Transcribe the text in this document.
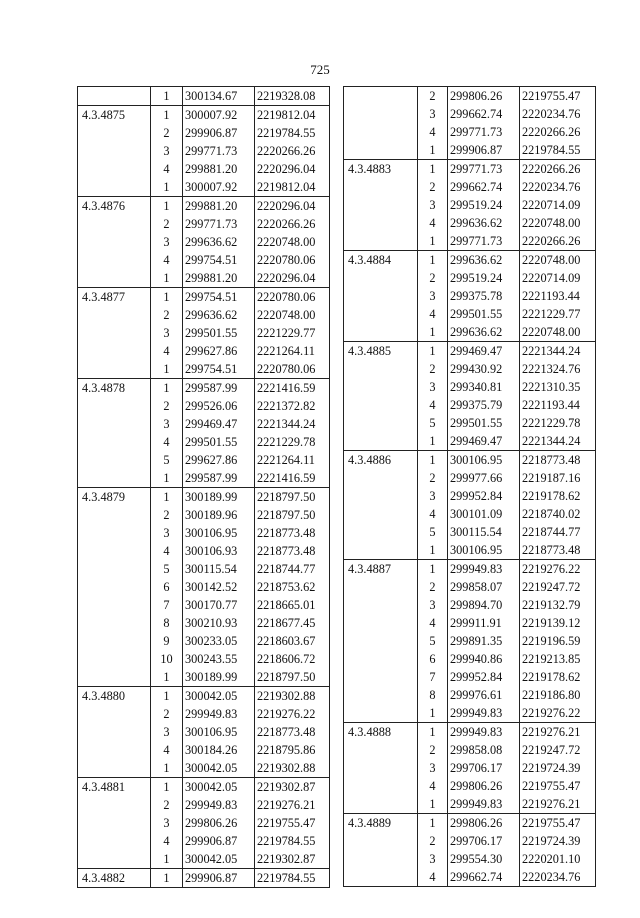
725
	1	300134.67	2219328.08
4.3.4875	1	300007.92	2219812.04
	2	299906.87	2219784.55
	3	299771.73	2220266.26
	4	299881.20	2220296.04
	1	300007.92	2219812.04
4.3.4876	1	299881.20	2220296.04
	2	299771.73	2220266.26
	3	299636.62	2220748.00
	4	299754.51	2220780.06
	1	299881.20	2220296.04
4.3.4877	1	299754.51	2220780.06
	2	299636.62	2220748.00
	3	299501.55	2221229.77
	4	299627.86	2221264.11
	1	299754.51	2220780.06
4.3.4878	1	299587.99	2221416.59
	2	299526.06	2221372.82
	3	299469.47	2221344.24
	4	299501.55	2221229.78
	5	299627.86	2221264.11
	1	299587.99	2221416.59
4.3.4879	1	300189.99	2218797.50
	2	300189.96	2218797.50
	3	300106.95	2218773.48
	4	300106.93	2218773.48
	5	300115.54	2218744.77
	6	300142.52	2218753.62
	7	300170.77	2218665.01
	8	300210.93	2218677.45
	9	300233.05	2218603.67
	10	300243.55	2218606.72
	1	300189.99	2218797.50
4.3.4880	1	300042.05	2219302.88
	2	299949.83	2219276.22
	3	300106.95	2218773.48
	4	300184.26	2218795.86
	1	300042.05	2219302.88
4.3.4881	1	300042.05	2219302.87
	2	299949.83	2219276.21
	3	299806.26	2219755.47
	4	299906.87	2219784.55
	1	300042.05	2219302.87
4.3.4882	1	299906.87	2219784.55
	2	299806.26	2219755.47
	3	299662.74	2220234.76
	4	299771.73	2220266.26
	1	299906.87	2219784.55
4.3.4883	1	299771.73	2220266.26
	2	299662.74	2220234.76
	3	299519.24	2220714.09
	4	299636.62	2220748.00
	1	299771.73	2220266.26
4.3.4884	1	299636.62	2220748.00
	2	299519.24	2220714.09
	3	299375.78	2221193.44
	4	299501.55	2221229.77
	1	299636.62	2220748.00
4.3.4885	1	299469.47	2221344.24
	2	299430.92	2221324.76
	3	299340.81	2221310.35
	4	299375.79	2221193.44
	5	299501.55	2221229.78
	1	299469.47	2221344.24
4.3.4886	1	300106.95	2218773.48
	2	299977.66	2219187.16
	3	299952.84	2219178.62
	4	300101.09	2218740.02
	5	300115.54	2218744.77
	1	300106.95	2218773.48
4.3.4887	1	299949.83	2219276.22
	2	299858.07	2219247.72
	3	299894.70	2219132.79
	4	299911.91	2219139.12
	5	299891.35	2219196.59
	6	299940.86	2219213.85
	7	299952.84	2219178.62
	8	299976.61	2219186.80
	1	299949.83	2219276.22
4.3.4888	1	299949.83	2219276.21
	2	299858.08	2219247.72
	3	299706.17	2219724.39
	4	299806.26	2219755.47
	1	299949.83	2219276.21
4.3.4889	1	299806.26	2219755.47
	2	299706.17	2219724.39
	3	299554.30	2220201.10
	4	299662.74	2220234.76
